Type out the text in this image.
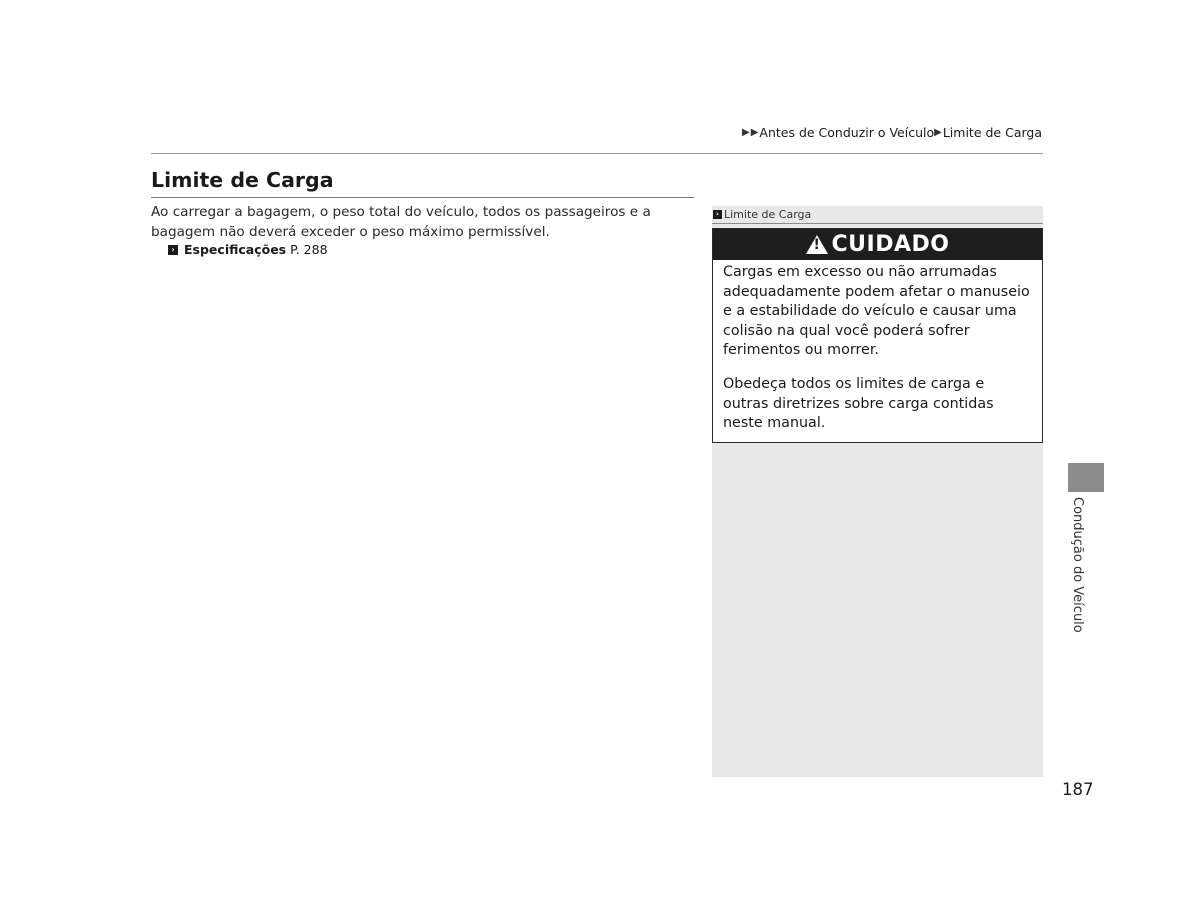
▶ ▶ Antes de Conduzir o Veículo ▶ Limite de Carga
Limite de Carga

Ao carregar a bagagem, o peso total do veículo, todos os passageiros e a bagagem não deverá exceder o peso máximo permissível.

› Especificações P. 288
› Limite de Carga
!
CUIDADO

Cargas em excesso ou não arrumadas adequadamente podem afetar o manuseio e a estabilidade do veículo e causar uma colisão na qual você poderá sofrer ferimentos ou morrer.

Obedeça todos os limites de carga e outras diretrizes sobre carga contidas neste manual.

Condução do Veículo
187
